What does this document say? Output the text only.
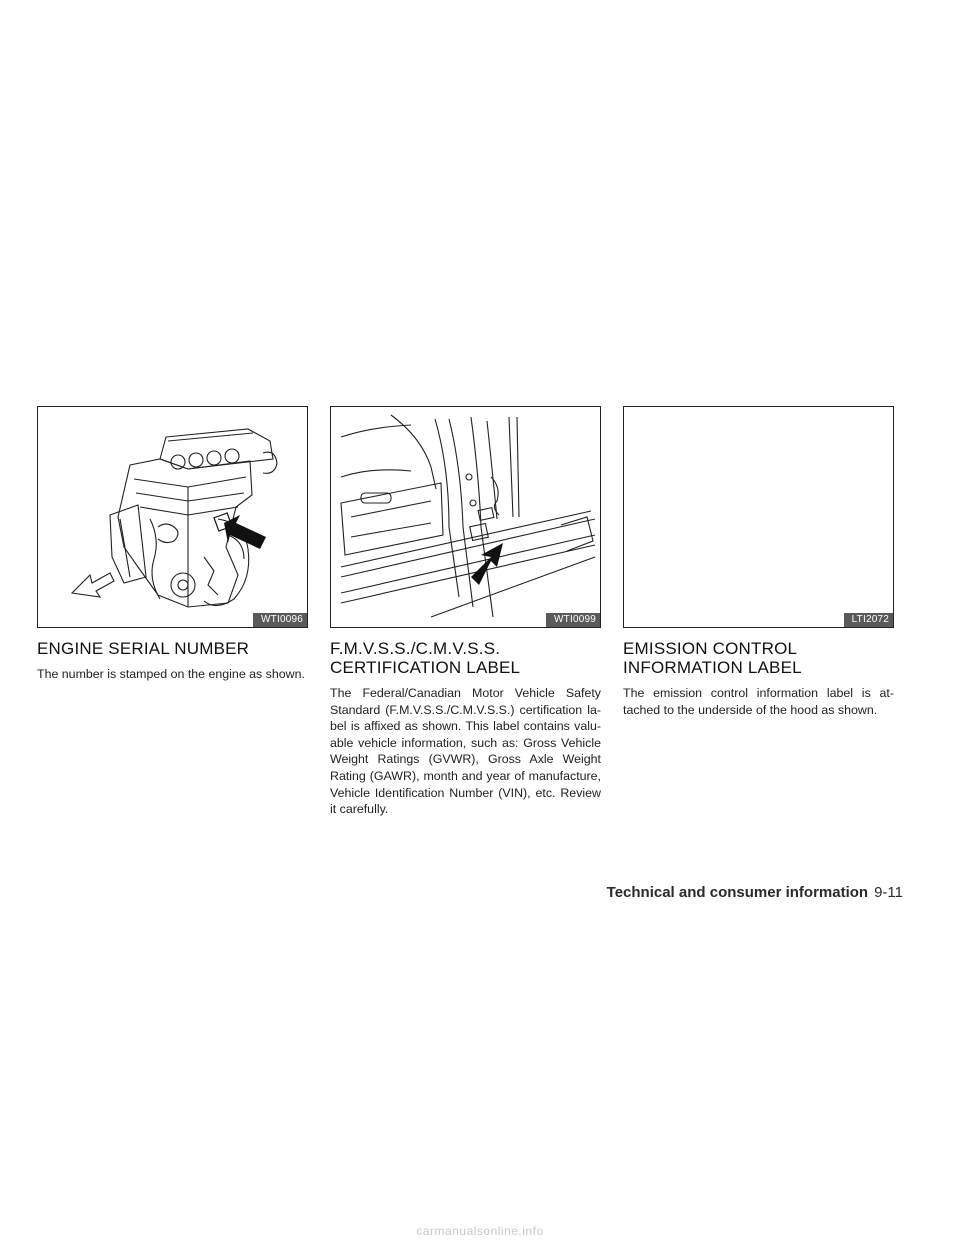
WTI0096
ENGINE SERIAL NUMBER

The number is stamped on the engine as shown.

WTI0099
F.M.V.S.S./C.M.V.S.S. CERTIFICATION LABEL

The Federal/Canadian Motor Vehicle Safety Standard (F.M.V.S.S./C.M.V.S.S.) certification la- bel is affixed as shown. This label contains valu- able vehicle information, such as: Gross Vehicle Weight Ratings (GVWR), Gross Axle Weight Rating (GAWR), month and year of manufacture, Vehicle Identification Number (VIN), etc. Review it carefully.

LTI2072
EMISSION CONTROL INFORMATION LABEL

The emission control information label is at- tached to the underside of the hood as shown.

Technical and consumer information 9-11
carmanualsonline.info
